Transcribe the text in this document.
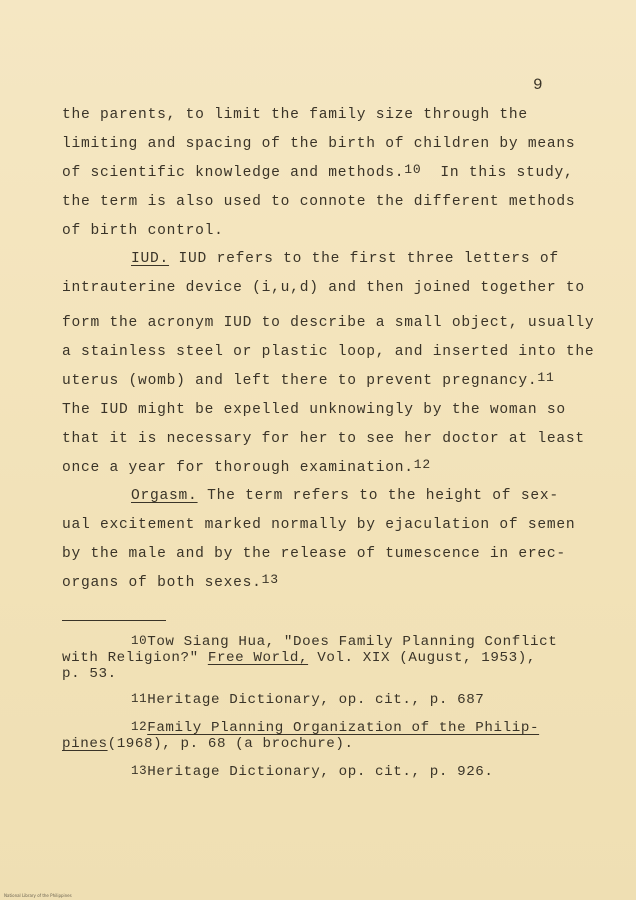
9
the parents, to limit the family size through the
limiting and spacing of the birth of children by means
of scientific knowledge and methods.$^{10}$  In this study,
the term is also used to connote the different methods
of birth control.
IUD. IUD refers to the first three letters of
intrauterine device (i,u,d) and then joined together to
form the acronym IUD to describe a small object, usually
a stainless steel or plastic loop, and inserted into the
uterus (womb) and left there to prevent pregnancy.$^{11}$
The IUD might be expelled unknowingly by the woman so
that it is necessary for her to see her doctor at least
once a year for thorough examination.$^{12}$
Orgasm. The term refers to the height of sex-
ual excitement marked normally by ejaculation of semen
by the male and by the release of tumescence in erec-
organs of both sexes.$^{13}$
$^{10}$Tow Siang Hua, "Does Family Planning Conflict
with Religion?" Free World, Vol. XIX (August, 1953),
p. 53.
$^{11}$Heritage Dictionary, op. cit., p. 687
$^{12}$Family Planning Organization of the Philip-
pines(1968), p. 68 (a brochure).
$^{13}$Heritage Dictionary, op. cit., p. 926.
National Library of the Philippines
